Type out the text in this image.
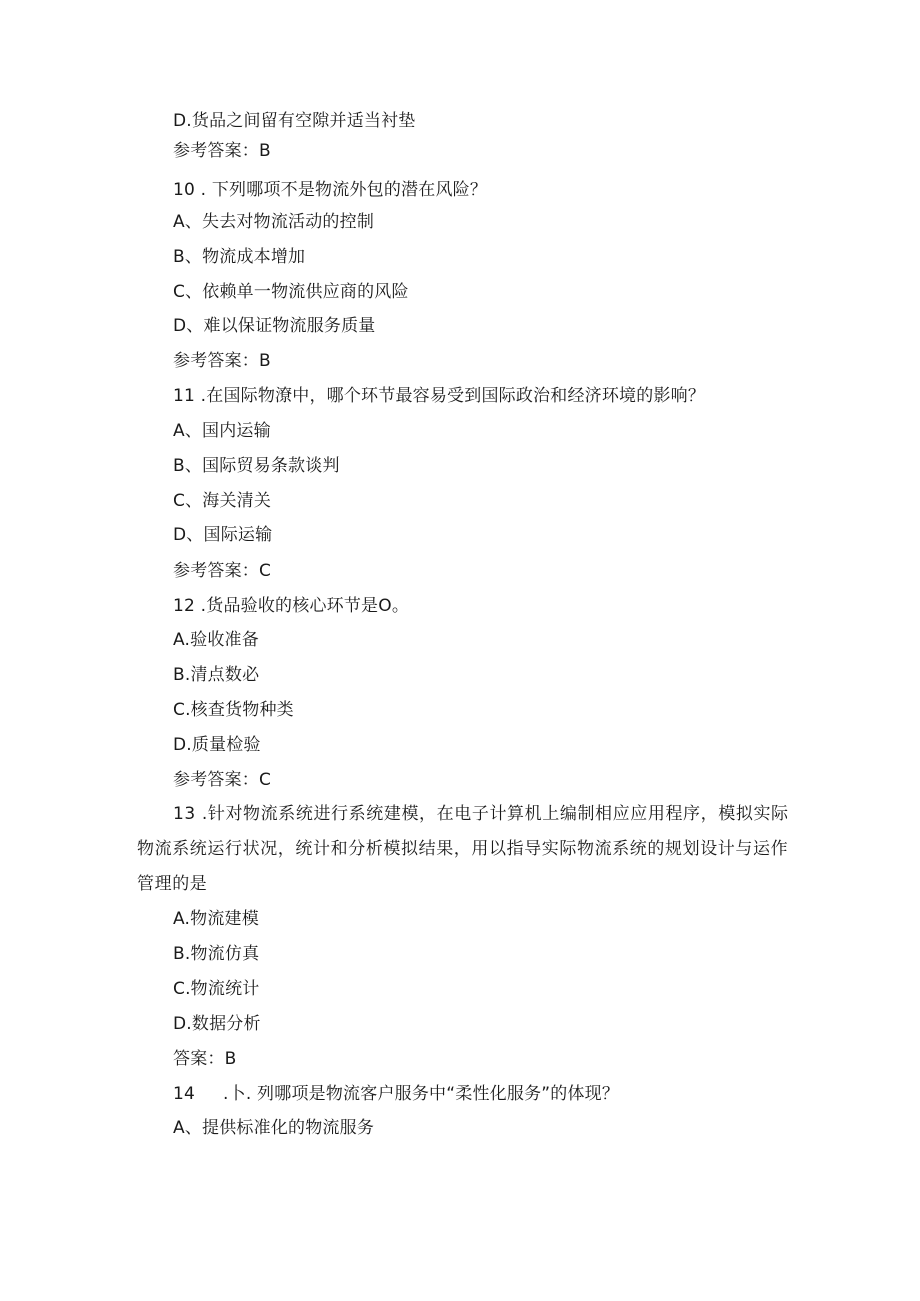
D.货品之间留有空隙并适当衬垫
参考答案：B
10 . 下列哪项不是物流外包的潜在风险？
A、失去对物流活动的控制
B、物流成本增加
C、依赖单一物流供应商的风险
D、难以保证物流服务质量
参考答案：B
11 .在国际物潦中，哪个环节最容易受到国际政治和经济环境的影响？
A、国内运输
B、国际贸易条款谈判
C、海关清关
D、国际运输
参考答案：C
12 .货品验收的核心环节是O。
A.验收准备
B.清点数必
C.核查货物种类
D.质量检验
参考答案：C
13 .针对物流系统进行系统建模，在电子计算机上编制相应应用程序，模拟实际物流系统运行状况，统计和分析模拟结果，用以指导实际物流系统的规划设计与运作管理的是
A.物流建模
B.物流仿真
C.物流统计
D.数据分析
答案：B
14     .卜. 列哪项是物流客户服务中“柔性化服务”的体现？
A、提供标准化的物流服务
